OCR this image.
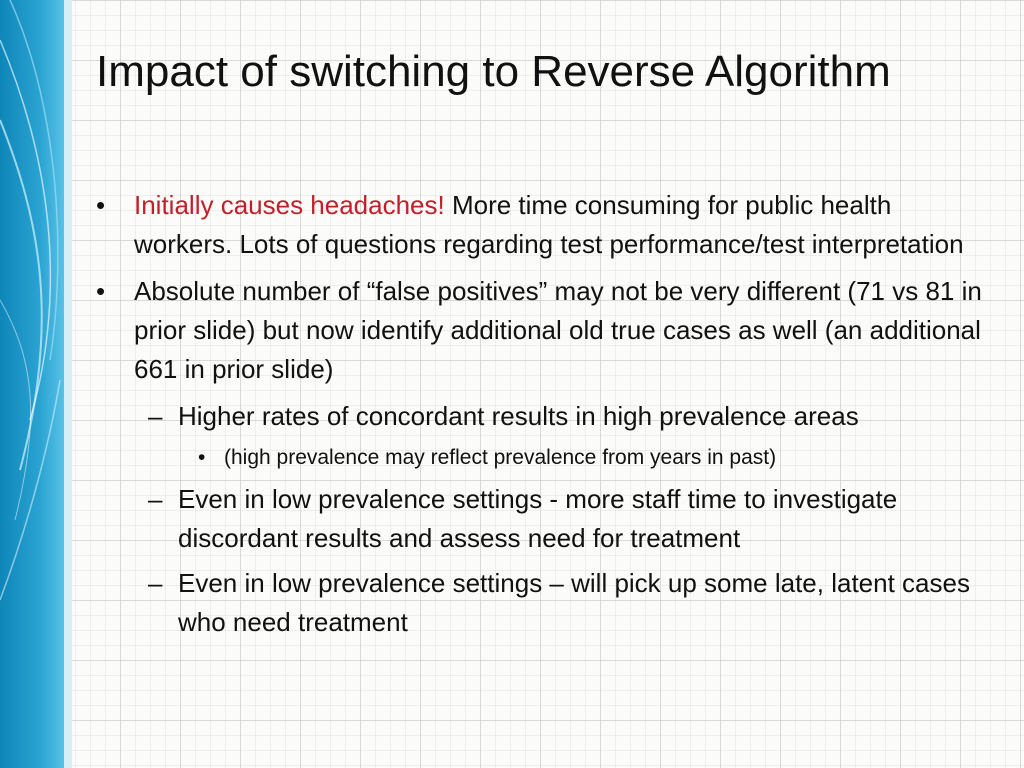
Impact of switching to Reverse Algorithm
• Initially causes headaches! More time consuming for public health workers. Lots of questions regarding test performance/test interpretation
• Absolute number of “false positives” may not be very different (71 vs 81 in prior slide) but now identify additional old true cases as well (an additional 661 in prior slide)
– Higher rates of concordant results in high prevalence areas
• (high prevalence may reflect prevalence from years in past)
– Even in low prevalence settings - more staff time to investigate discordant results and assess need for treatment
– Even in low prevalence settings – will pick up some late, latent cases who need treatment
